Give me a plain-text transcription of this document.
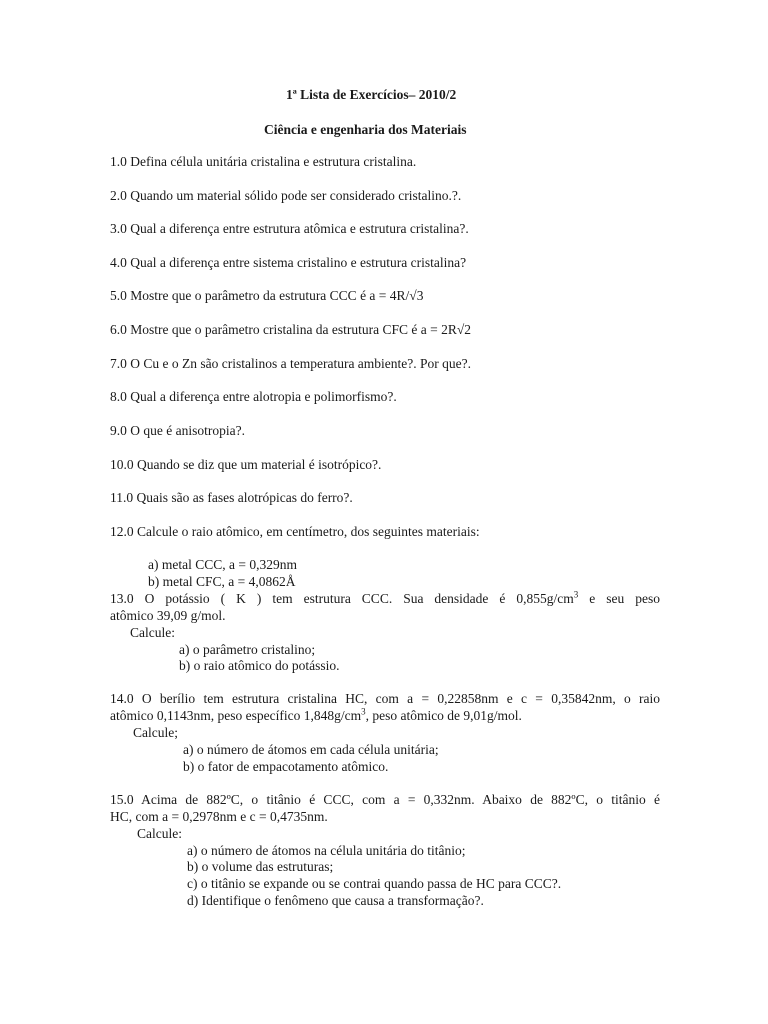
1ª Lista de Exercícios– 2010/2
Ciência e engenharia dos Materiais
1.0 Defina célula unitária cristalina e estrutura cristalina.
2.0 Quando um material sólido pode ser considerado cristalino.?.
3.0 Qual a diferença entre estrutura atômica e estrutura cristalina?.
4.0 Qual a diferença entre sistema cristalino e estrutura cristalina?
5.0 Mostre que o parâmetro da estrutura CCC é a = 4R/√3
6.0 Mostre que o parâmetro cristalina da estrutura CFC é a = 2R√2
7.0 O Cu e o Zn são cristalinos a temperatura ambiente?. Por que?.
8.0 Qual a diferença entre alotropia e polimorfismo?.
9.0 O que é anisotropia?.
10.0 Quando se diz que um material é isotrópico?.
11.0 Quais são as fases alotrópicas do ferro?.
12.0 Calcule o raio atômico, em centímetro, dos seguintes materiais:
a) metal CCC, a = 0,329nm
b) metal CFC, a = 4,0862Å
13.0 O potássio ( K ) tem estrutura CCC. Sua densidade é $0,855g/cm^3$ e seu peso
atômico 39,09 g/mol.
Calcule:
a) o parâmetro cristalino;
b) o raio atômico do potássio.
14.0 O berílio tem estrutura cristalina HC, com a = 0,22858nm e c = 0,35842nm, o raio
atômico 0,1143nm, peso específico $1,848g/cm^3$, peso atômico de 9,01g/mol.
Calcule;
a) o número de átomos em cada célula unitária;
b) o fator de empacotamento atômico.
15.0 Acima de 882ºC, o titânio é CCC, com a = 0,332nm. Abaixo de 882ºC, o titânio é
HC, com a = 0,2978nm e c = 0,4735nm.
Calcule:
a) o número de átomos na célula unitária do titânio;
b) o volume das estruturas;
c) o titânio se expande ou se contrai quando passa de HC para CCC?.
d) Identifique o fenômeno que causa a transformação?.
